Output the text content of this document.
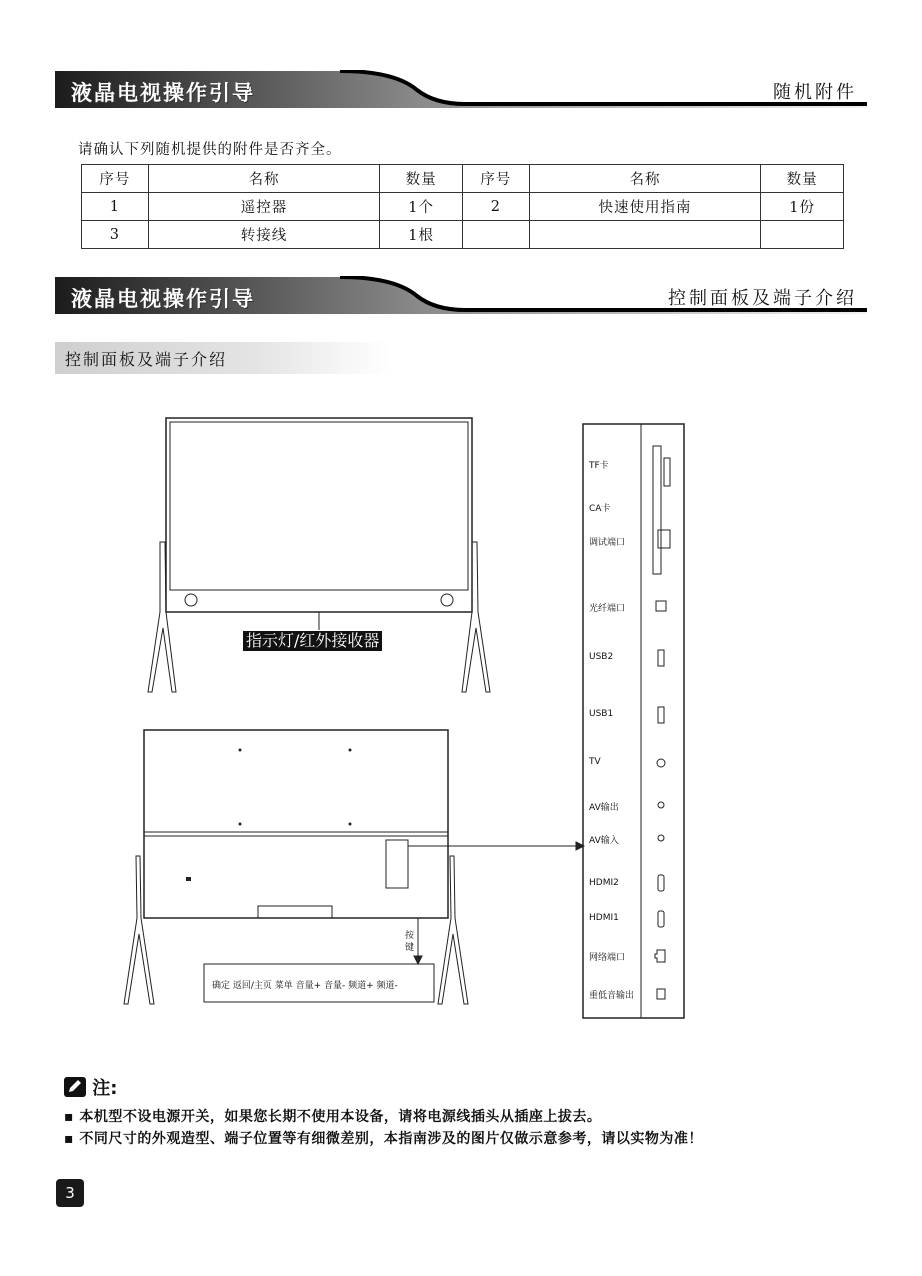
液晶电视操作引导	随机附件
请确认下列随机提供的附件是否齐全。
序号	名称	数量	序号	名称	数量
1	遥控器	1个	2	快速使用指南	1份
3	转接线	1根			
液晶电视操作引导	控制面板及端子介绍
控制面板及端子介绍
指示灯/红外接收器
按
键
确定 返回/主页 菜单 音量+ 音量- 频道+ 频道-
TF卡
CA卡
调试端口
光纤端口
USB2
USB1
TV
AV输出
AV输入
HDMI2
HDMI1
网络端口
重低音输出
注:
▪ 本机型不设电源开关，如果您长期不使用本设备，请将电源线插头从插座上拔去。
▪ 不同尺寸的外观造型、端子位置等有细微差别，本指南涉及的图片仅做示意参考，请以实物为准！
3
